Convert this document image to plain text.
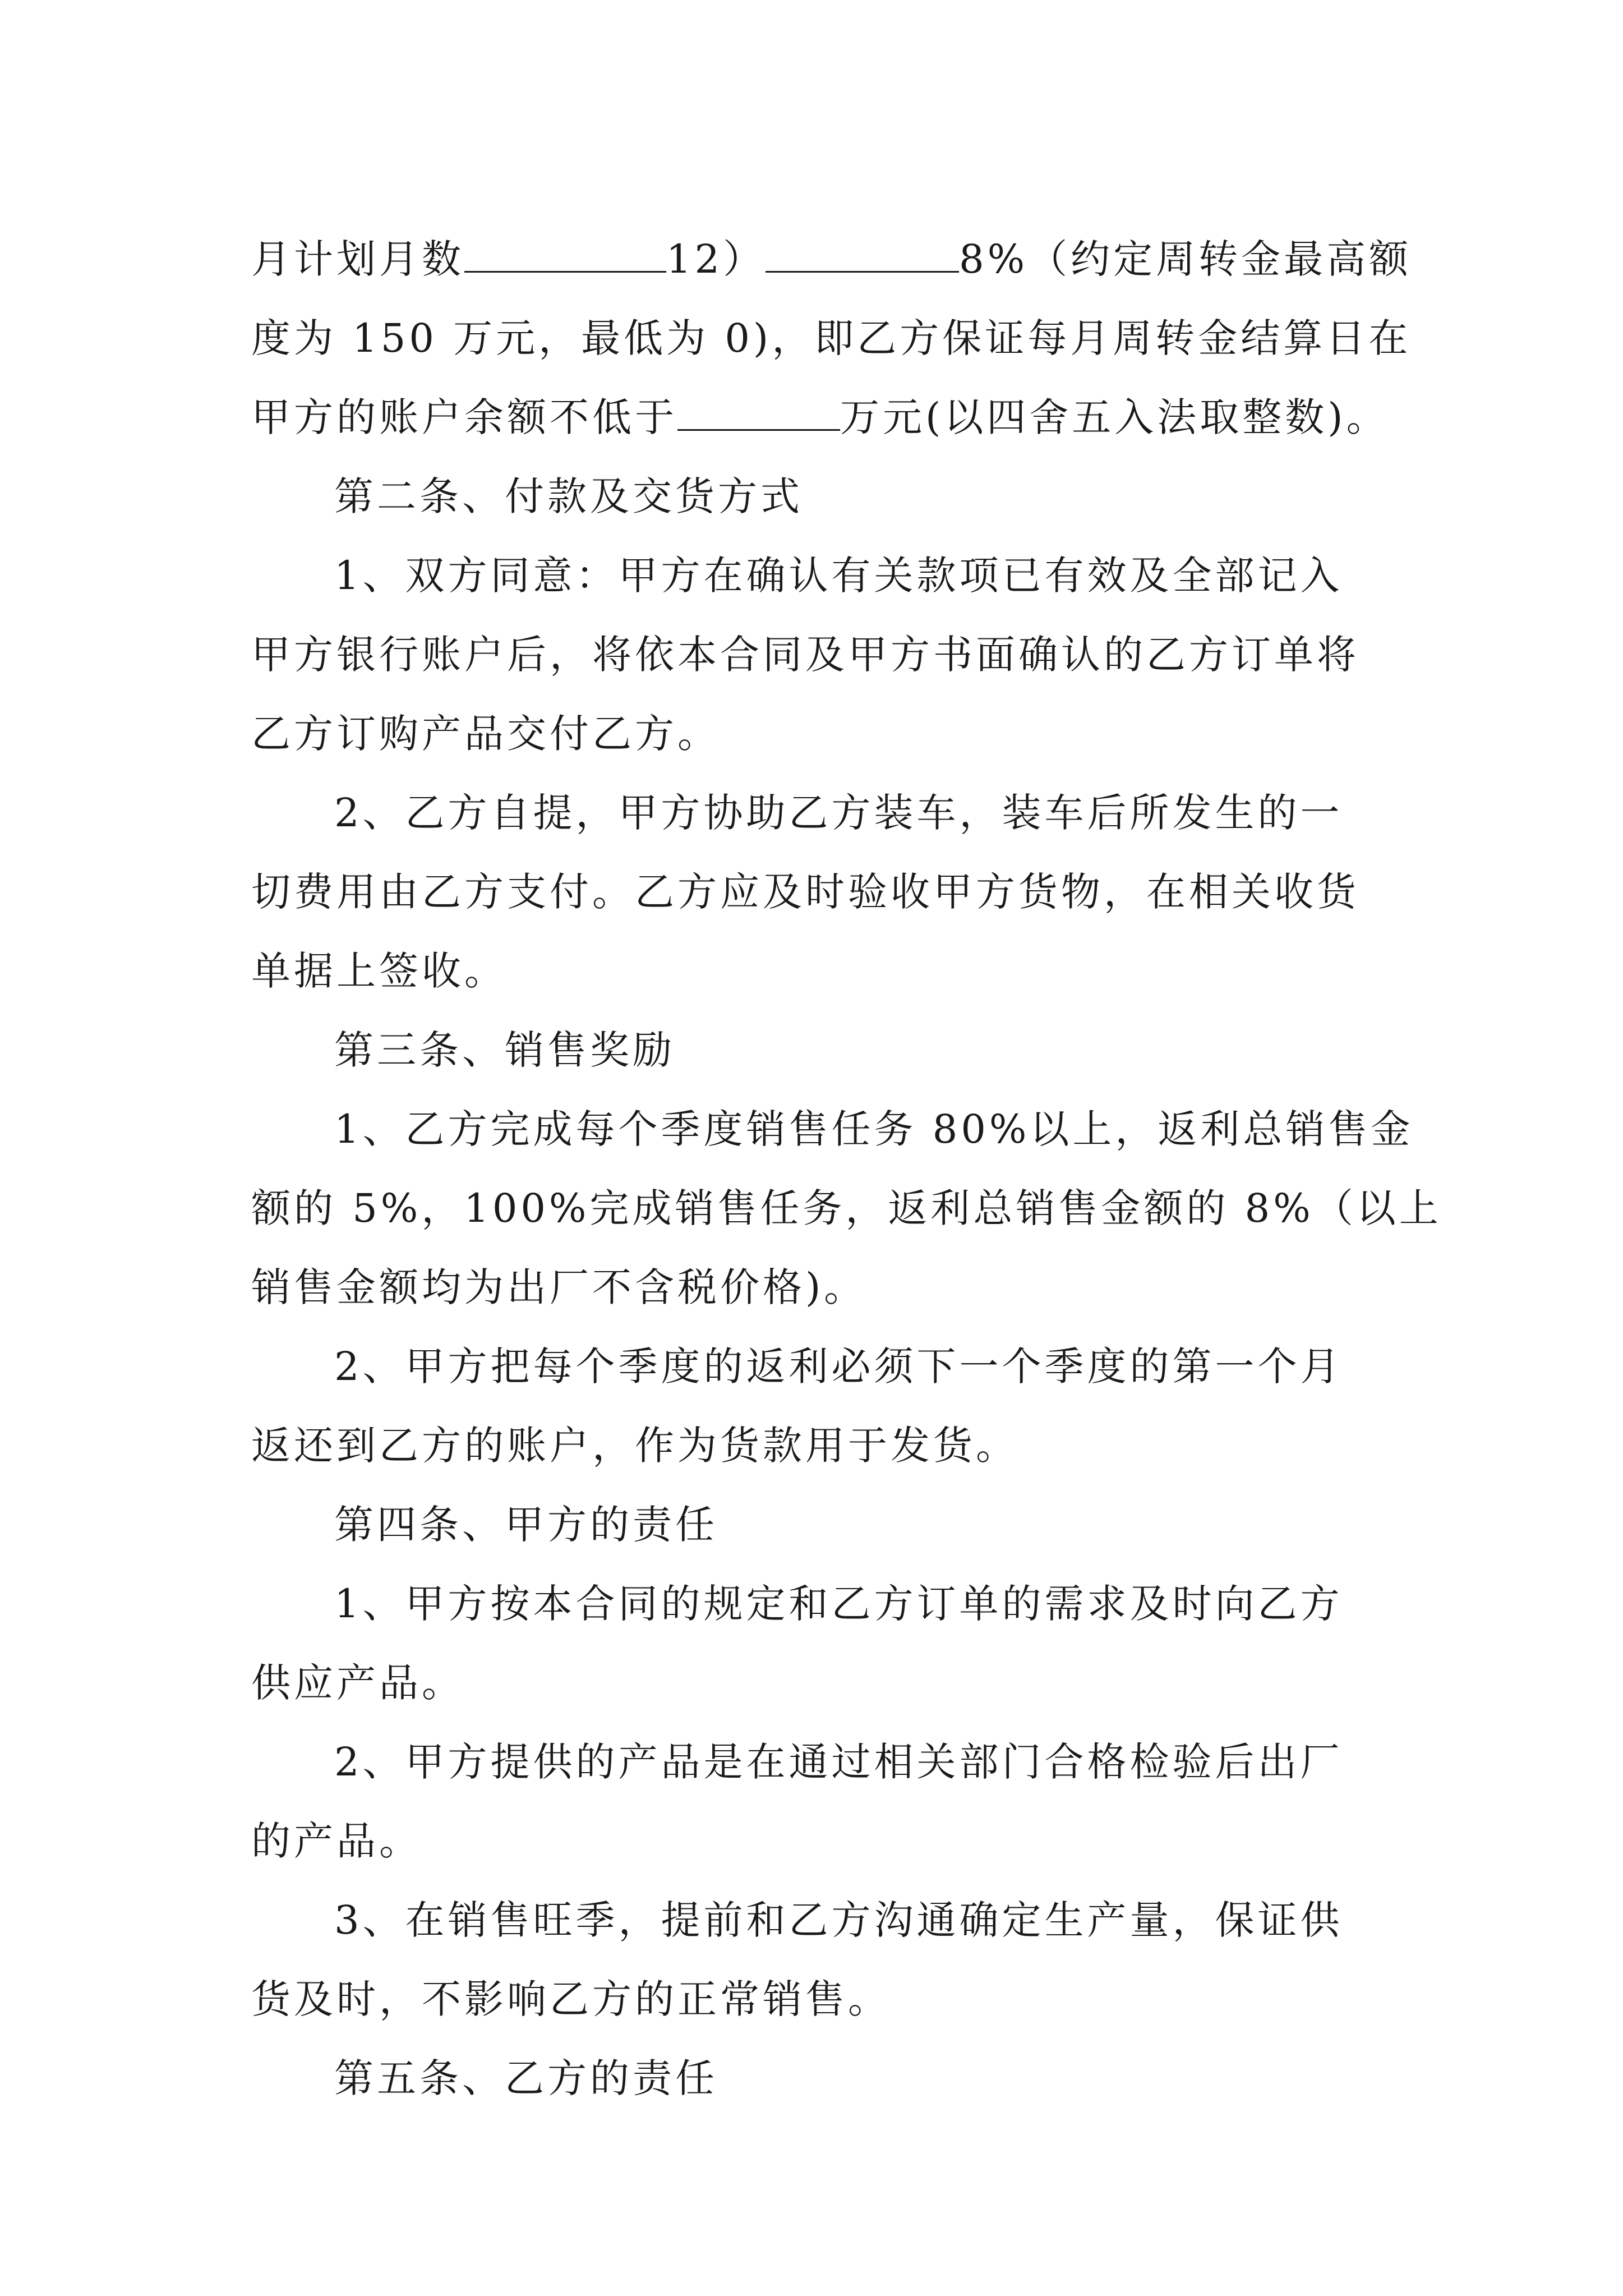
月计划月数	12）	8%（约定周转金最高额
度为 150 万元，最低为 0)，即乙方保证每月周转金结算日在
甲方的账户余额不低于	万元(以四舍五入法取整数)。
第二条、付款及交货方式
1、双方同意：甲方在确认有关款项已有效及全部记入
甲方银行账户后，将依本合同及甲方书面确认的乙方订单将
乙方订购产品交付乙方。
2、乙方自提，甲方协助乙方装车，装车后所发生的一
切费用由乙方支付。乙方应及时验收甲方货物，在相关收货
单据上签收。
第三条、销售奖励
1、乙方完成每个季度销售任务 80%以上，返利总销售金
额的 5%，100%完成销售任务，返利总销售金额的 8%（以上
销售金额均为出厂不含税价格)。
2、甲方把每个季度的返利必须下一个季度的第一个月
返还到乙方的账户，作为货款用于发货。
第四条、甲方的责任
1、甲方按本合同的规定和乙方订单的需求及时向乙方
供应产品。
2、甲方提供的产品是在通过相关部门合格检验后出厂
的产品。
3、在销售旺季，提前和乙方沟通确定生产量，保证供
货及时，不影响乙方的正常销售。
第五条、乙方的责任
